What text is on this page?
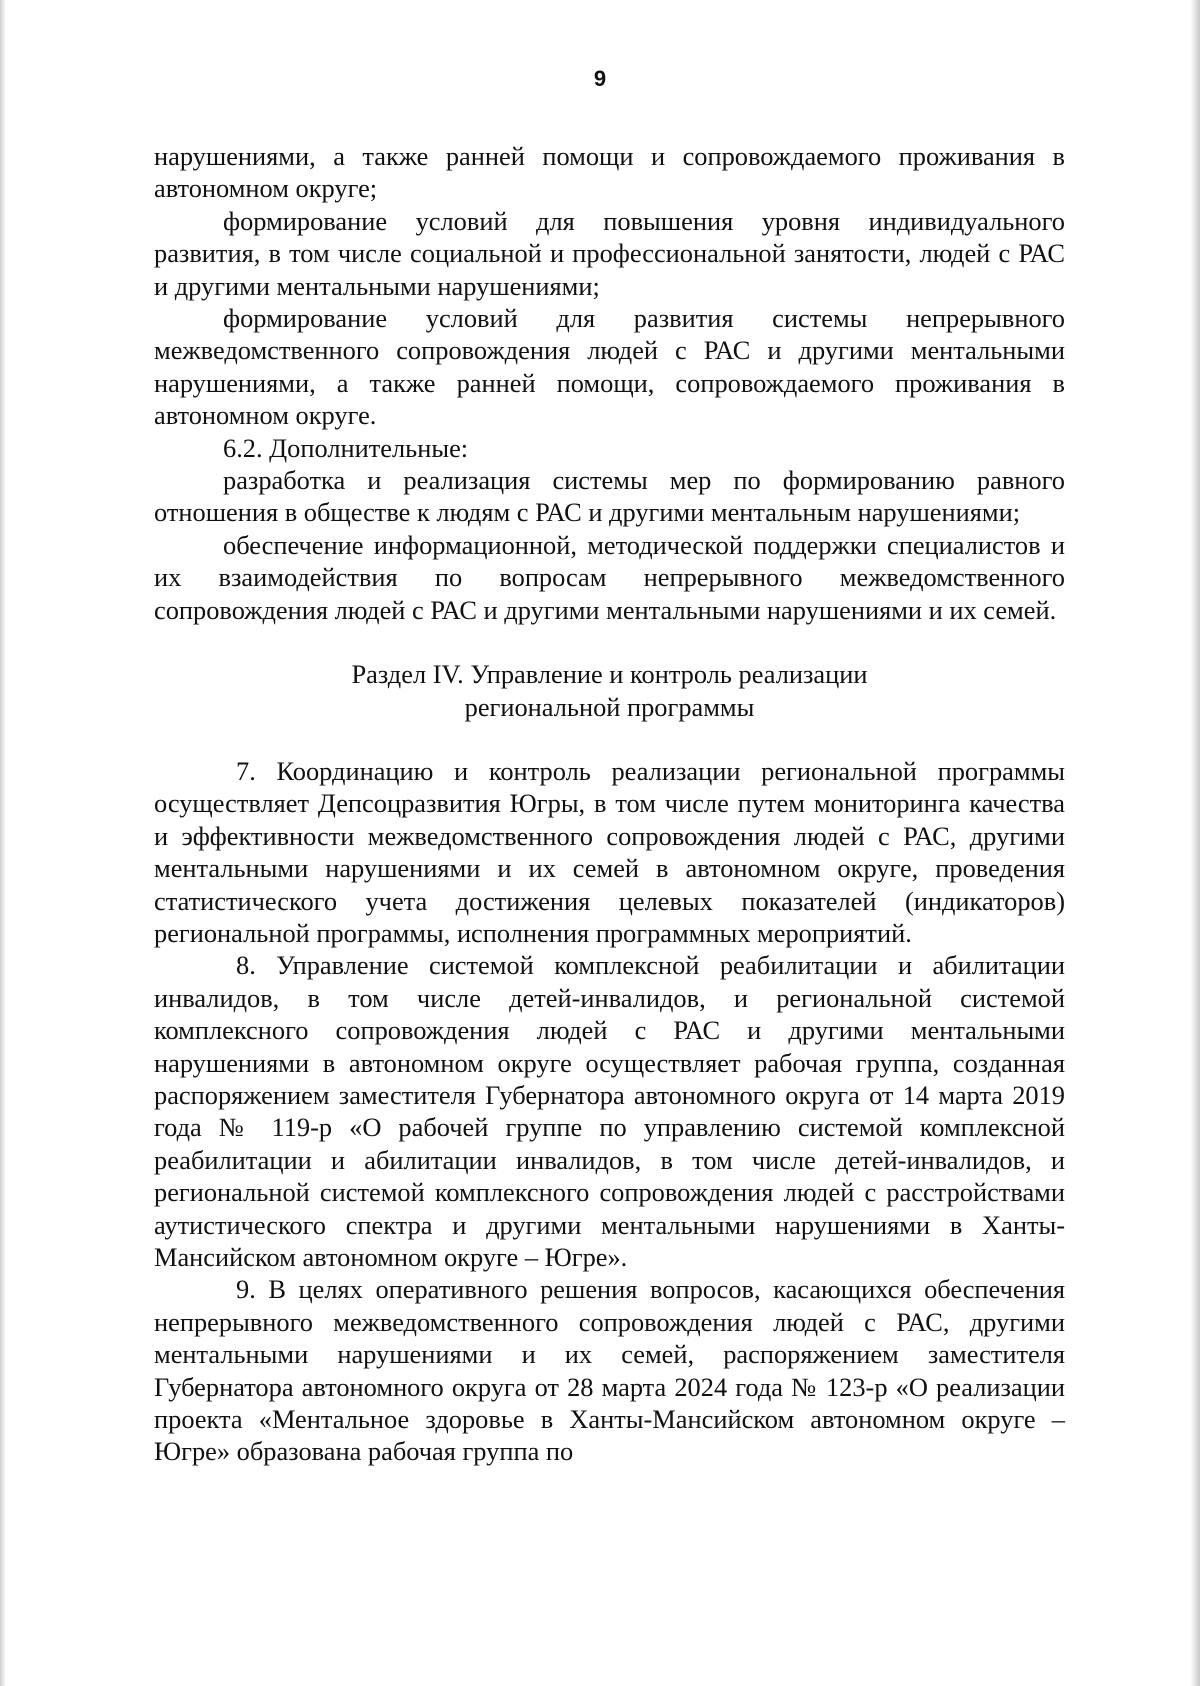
9

нарушениями, а также ранней помощи и сопровождаемого проживания в автономном округе;

формирование условий для повышения уровня индивидуального развития, в том числе социальной и профессиональной занятости, людей с РАС и другими ментальными нарушениями;

формирование условий для развития системы непрерывного межведомственного сопровождения людей с РАС и другими ментальными нарушениями, а также ранней помощи, сопровождаемого проживания в автономном округе.

6.2. Дополнительные:

разработка и реализация системы мер по формированию равного отношения в обществе к людям с РАС и другими ментальным нарушениями;

обеспечение информационной, методической поддержки специалистов и их взаимодействия по вопросам непрерывного межведомственного сопровождения людей с РАС и другими ментальными нарушениями и их семей.

Раздел IV. Управление и контроль реализации
региональной программы

7. Координацию и контроль реализации региональной программы осуществляет Депсоцразвития Югры, в том числе путем мониторинга качества и эффективности межведомственного сопровождения людей с РАС, другими ментальными нарушениями и их семей в автономном округе, проведения статистического учета достижения целевых показателей (индикаторов) региональной программы, исполнения программных мероприятий.

8. Управление системой комплексной реабилитации и абилитации инвалидов, в том числе детей-инвалидов, и региональной системой комплексного сопровождения людей с РАС и другими ментальными нарушениями в автономном округе осуществляет рабочая группа, созданная распоряжением заместителя Губернатора автономного округа от 14 марта 2019 года № 119-р «О рабочей группе по управлению системой комплексной реабилитации и абилитации инвалидов, в том числе детей-инвалидов, и региональной системой комплексного сопровождения людей с расстройствами аутистического спектра и другими ментальными нарушениями в Ханты-Мансийском автономном округе – Югре».

9. В целях оперативного решения вопросов, касающихся обеспечения непрерывного межведомственного сопровождения людей с РАС, другими ментальными нарушениями и их семей, распоряжением заместителя Губернатора автономного округа от 28 марта 2024 года № 123-р «О реализации проекта «Ментальное здоровье в Ханты-Мансийском автономном округе – Югре» образована рабочая группа по
